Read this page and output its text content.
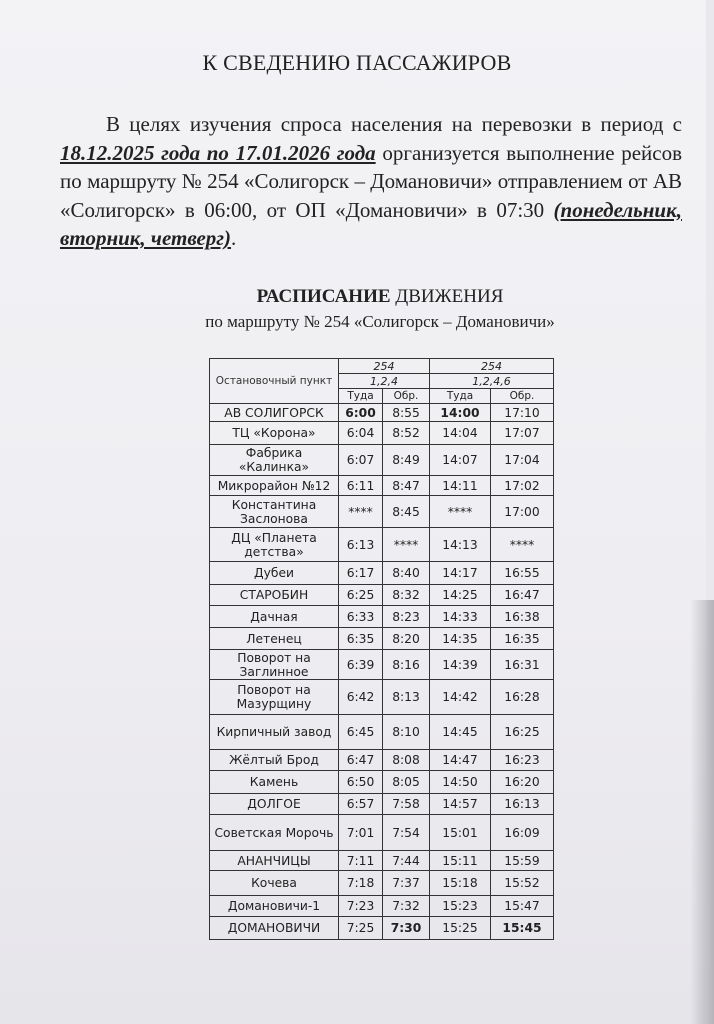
К СВЕДЕНИЮ ПАССАЖИРОВ
В целях изучения спроса населения на перевозки в период с 18.12.2025 года по 17.01.2026 года организуется выполнение рейсов по маршруту № 254 «Солигорск – Домановичи» отправлением от АВ «Солигорск» в 06:00, от ОП «Домановичи» в 07:30 (понедельник, вторник, четверг).
РАСПИСАНИЕ ДВИЖЕНИЯ
по маршруту № 254 «Солигорск – Домановичи»
Остановочный пункт	254		254	
	1,2,4		1,2,4,6	
	Туда	Обр.	Туда	Обр.
АВ СОЛИГОРСК	6:00	8:55	14:00	17:10
ТЦ «Корона»	6:04	8:52	14:04	17:07
Фабрика «Калинка»	6:07	8:49	14:07	17:04
Микрорайон №12	6:11	8:47	14:11	17:02
Константина Заслонова	****	8:45	****	17:00
ДЦ «Планета детства»	6:13	****	14:13	****
Дубеи	6:17	8:40	14:17	16:55
СТАРОБИН	6:25	8:32	14:25	16:47
Дачная	6:33	8:23	14:33	16:38
Летенец	6:35	8:20	14:35	16:35
Поворот на Заглинное	6:39	8:16	14:39	16:31
Поворот на Мазурщину	6:42	8:13	14:42	16:28
Кирпичный завод	6:45	8:10	14:45	16:25
Жёлтый Брод	6:47	8:08	14:47	16:23
Камень	6:50	8:05	14:50	16:20
ДОЛГОЕ	6:57	7:58	14:57	16:13
Советская Морочь	7:01	7:54	15:01	16:09
АНАНЧИЦЫ	7:11	7:44	15:11	15:59
Кочева	7:18	7:37	15:18	15:52
Домановичи-1	7:23	7:32	15:23	15:47
ДОМАНОВИЧИ	7:25	7:30	15:25	15:45
